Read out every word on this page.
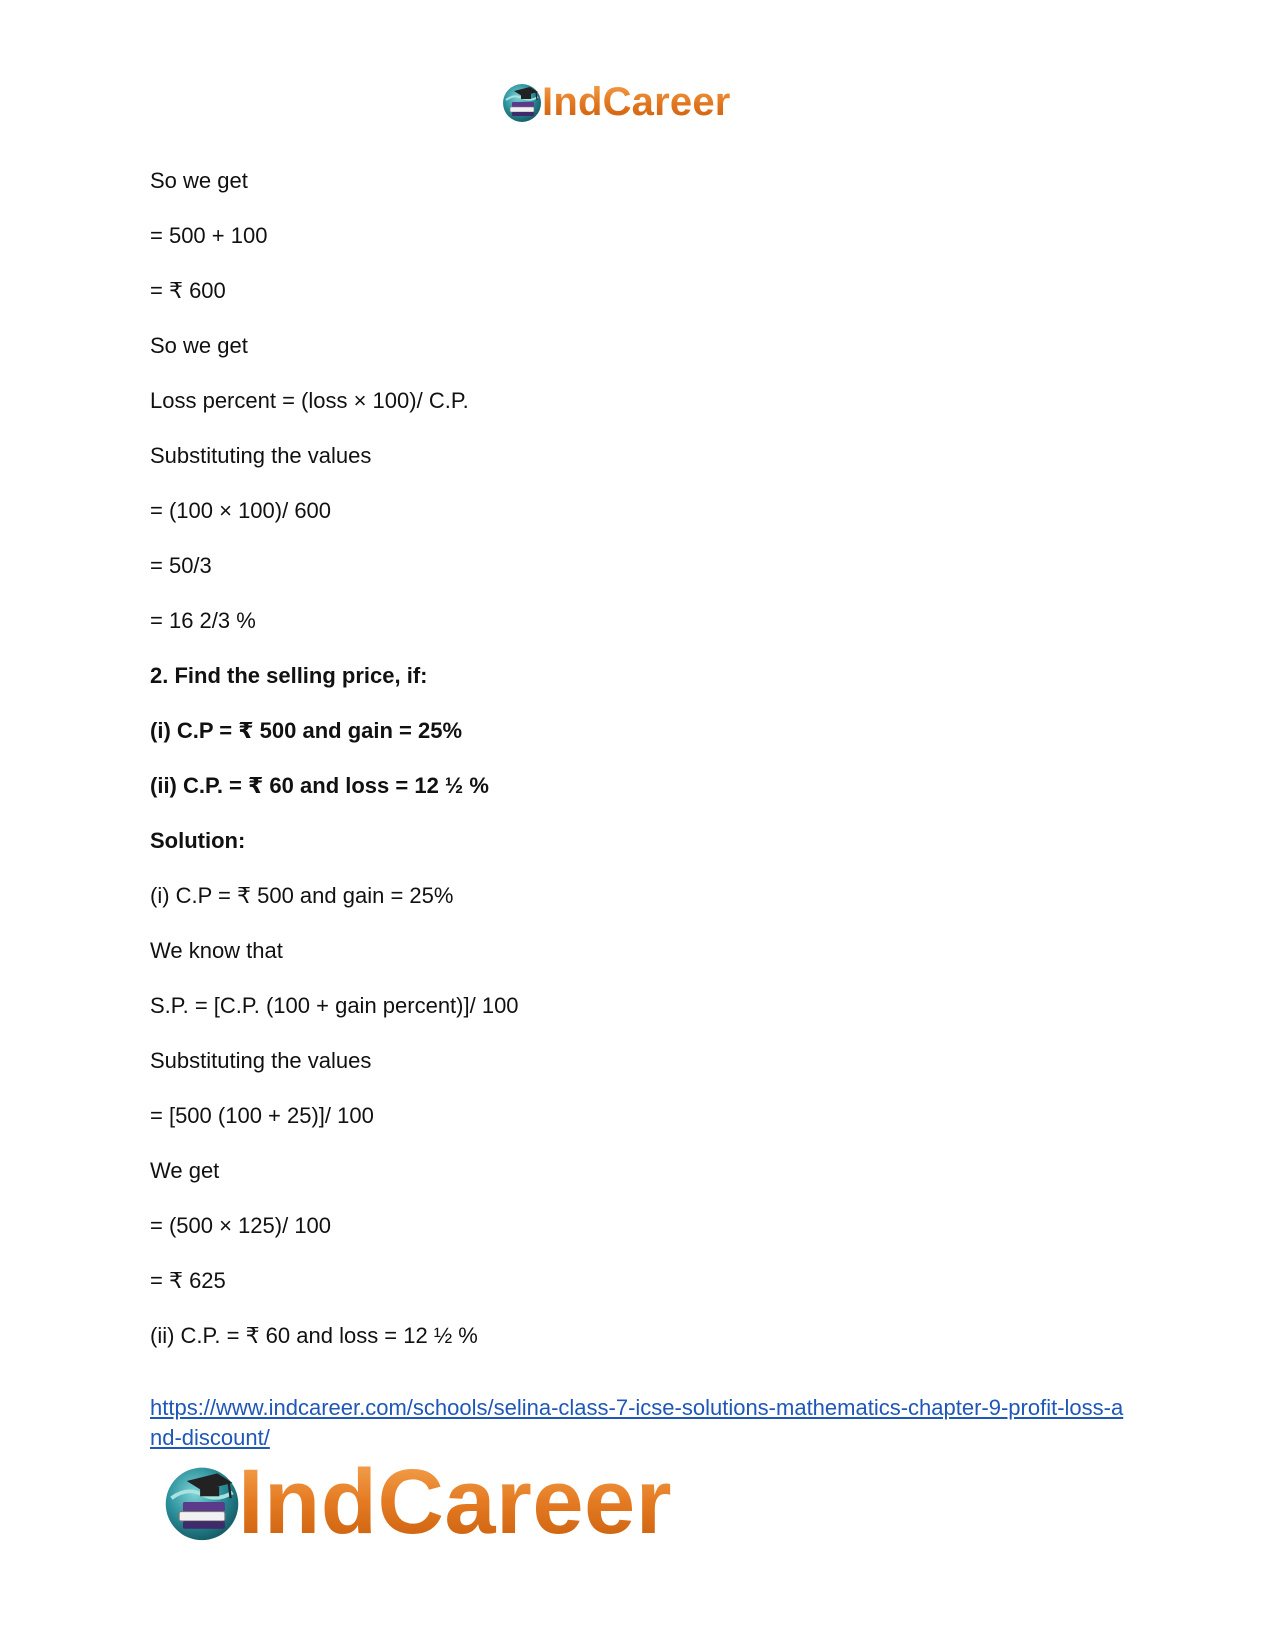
IndCareer
So we get
= 500 + 100
= ₹ 600
So we get
Loss percent = (loss × 100)/ C.P.
Substituting the values
= (100 × 100)/ 600
= 50/3
= 16 2/3 %
2. Find the selling price, if:
(i) C.P = ₹ 500 and gain = 25%
(ii) C.P. = ₹ 60 and loss = 12 ½ %
Solution:
(i) C.P = ₹ 500 and gain = 25%
We know that
S.P. = [C.P. (100 + gain percent)]/ 100
Substituting the values
= [500 (100 + 25)]/ 100
We get
= (500 × 125)/ 100
= ₹ 625
(ii) C.P. = ₹ 60 and loss = 12 ½ %
https://www.indcareer.com/schools/selina-class-7-icse-solutions-mathematics-chapter-9-profit-loss-and-discount/
IndCareer
